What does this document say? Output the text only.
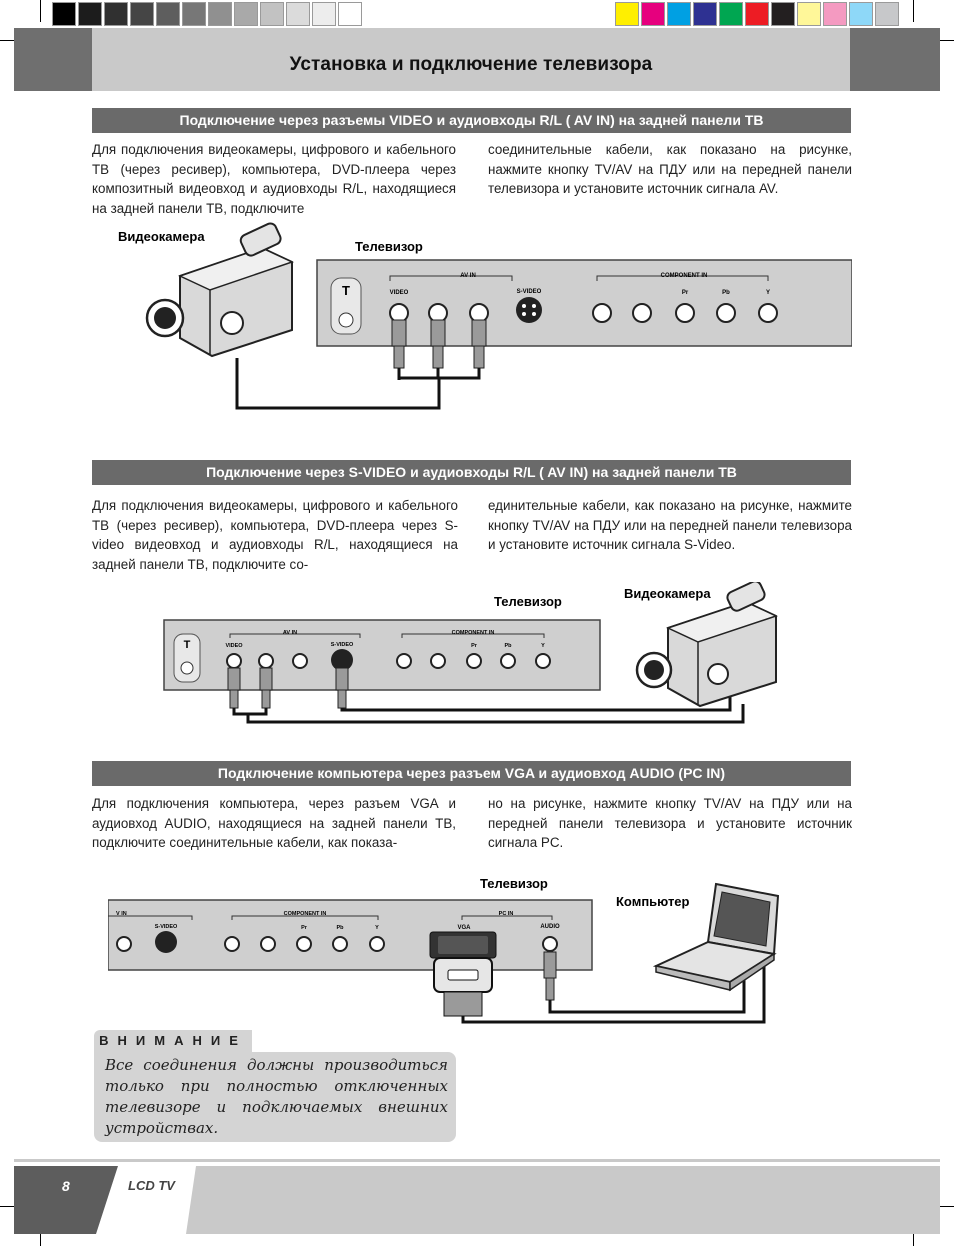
Установка и подключение телевизора
Подключение через разъемы VIDEO и аудиовходы R/L ( AV IN) на задней панели ТВ
Для подключения видеокамеры, цифрового и кабельного ТВ (через ресивер), компьютера, DVD-плеера через композитный видеовход и аудиовходы R/L, находящиеся на задней панели ТВ, подключите
соединительные кабели, как показано на рисунке, нажмите кнопку TV/AV на ПДУ или на передней панели телевизора и установите источник сигнала AV.
T
AV IN	COMPONENT IN
VIDEO	S-VIDEO	Pr	Pb	Y
Видеокамера
Телевизор
Подключение через S-VIDEO и аудиовходы R/L ( AV IN) на задней панели ТВ
Для подключения видеокамеры, цифрового и кабельного ТВ (через ресивер), компьютера, DVD-плеера через S-video видеовход и аудиовходы R/L, находящиеся на задней панели ТВ, подключите со-
единительные кабели, как показано на рисунке, нажмите кнопку TV/AV на ПДУ или на передней панели телевизора и установите источник сигнала S-Video.
T
AV IN	COMPONENT IN
VIDEO	S-VIDEO	Pr	Pb	Y
Телевизор
Видеокамера
Подключение компьютера через разъем VGA и аудиовход AUDIO (PC IN)
Для подключения компьютера, через разъем VGA и аудиовход AUDIO, находящиеся на задней панели ТВ, подключите соединительные кабели, как показа-
но на рисунке, нажмите кнопку TV/AV на ПДУ или на передней панели телевизора и установите источник сигнала PC.
V IN	COMPONENT IN	PC IN
S-VIDEO	Pr	Pb	Y	VGA	AUDIO
Телевизор
Компьютер
ВНИМАНИЕ
Все соединения должны производиться только при полностью отключенных телевизоре и подключаемых внешних устройствах.
8	LCD TV
